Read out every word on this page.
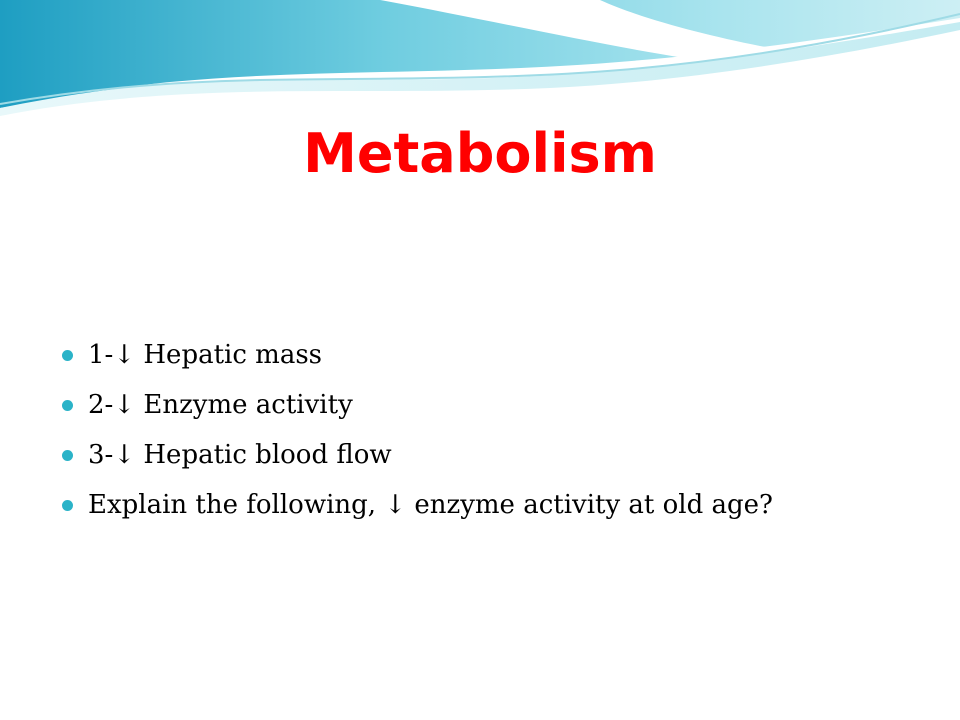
Metabolism
1-↓ Hepatic mass
2-↓ Enzyme activity
3-↓ Hepatic blood flow
Explain the following, ↓ enzyme activity at old age?
